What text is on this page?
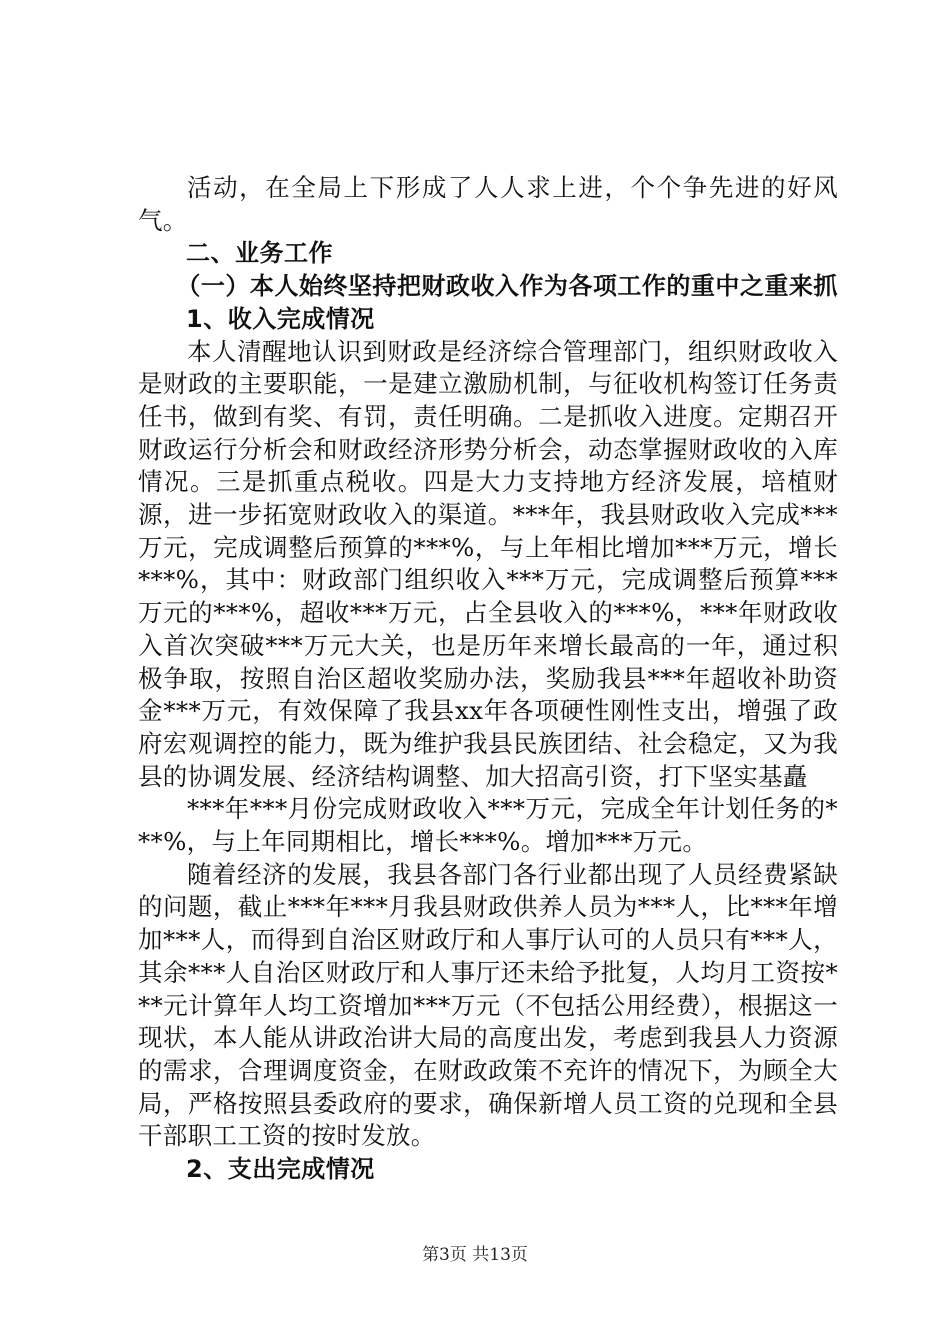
活动，在全局上下形成了人人求上进，个个争先进的好风气。

二、业务工作

（一）本人始终坚持把财政收入作为各项工作的重中之重来抓

1、收入完成情况

本人清醒地认识到财政是经济综合管理部门，组织财政收入是财政的主要职能，一是建立激励机制，与征收机构签订任务责任书，做到有奖、有罚，责任明确。二是抓收入进度。定期召开财政运行分析会和财政经济形势分析会，动态掌握财政收的入库情况。三是抓重点税收。四是大力支持地方经济发展，培植财源，进一步拓宽财政收入的渠道。***年，我县财政收入完成***万元，完成调整后预算的***%，与上年相比增加***万元，增长***%，其中：财政部门组织收入***万元，完成调整后预算***万元的***%，超收***万元，占全县收入的***%，***年财政收入首次突破***万元大关，也是历年来增长最高的一年，通过积极争取，按照自治区超收奖励办法，奖励我县***年超收补助资金***万元，有效保障了我县xx年各项硬性刚性支出，增强了政府宏观调控的能力，既为维护我县民族团结、社会稳定，又为我县的协调发展、经济结构调整、加大招高引资，打下坚实基矗

***年***月份完成财政收入***万元，完成全年计划任务的***%，与上年同期相比，增长***%。增加***万元。

随着经济的发展，我县各部门各行业都出现了人员经费紧缺的问题，截止***年***月我县财政供养人员为***人，比***年增加***人，而得到自治区财政厅和人事厅认可的人员只有***人，其余***人自治区财政厅和人事厅还未给予批复，人均月工资按***元计算年人均工资增加***万元（不包括公用经费），根据这一现状，本人能从讲政治讲大局的高度出发，考虑到我县人力资源的需求，合理调度资金，在财政政策不充许的情况下，为顾全大局，严格按照县委政府的要求，确保新增人员工资的兑现和全县干部职工工资的按时发放。

2、支出完成情况

第3页 共13页
